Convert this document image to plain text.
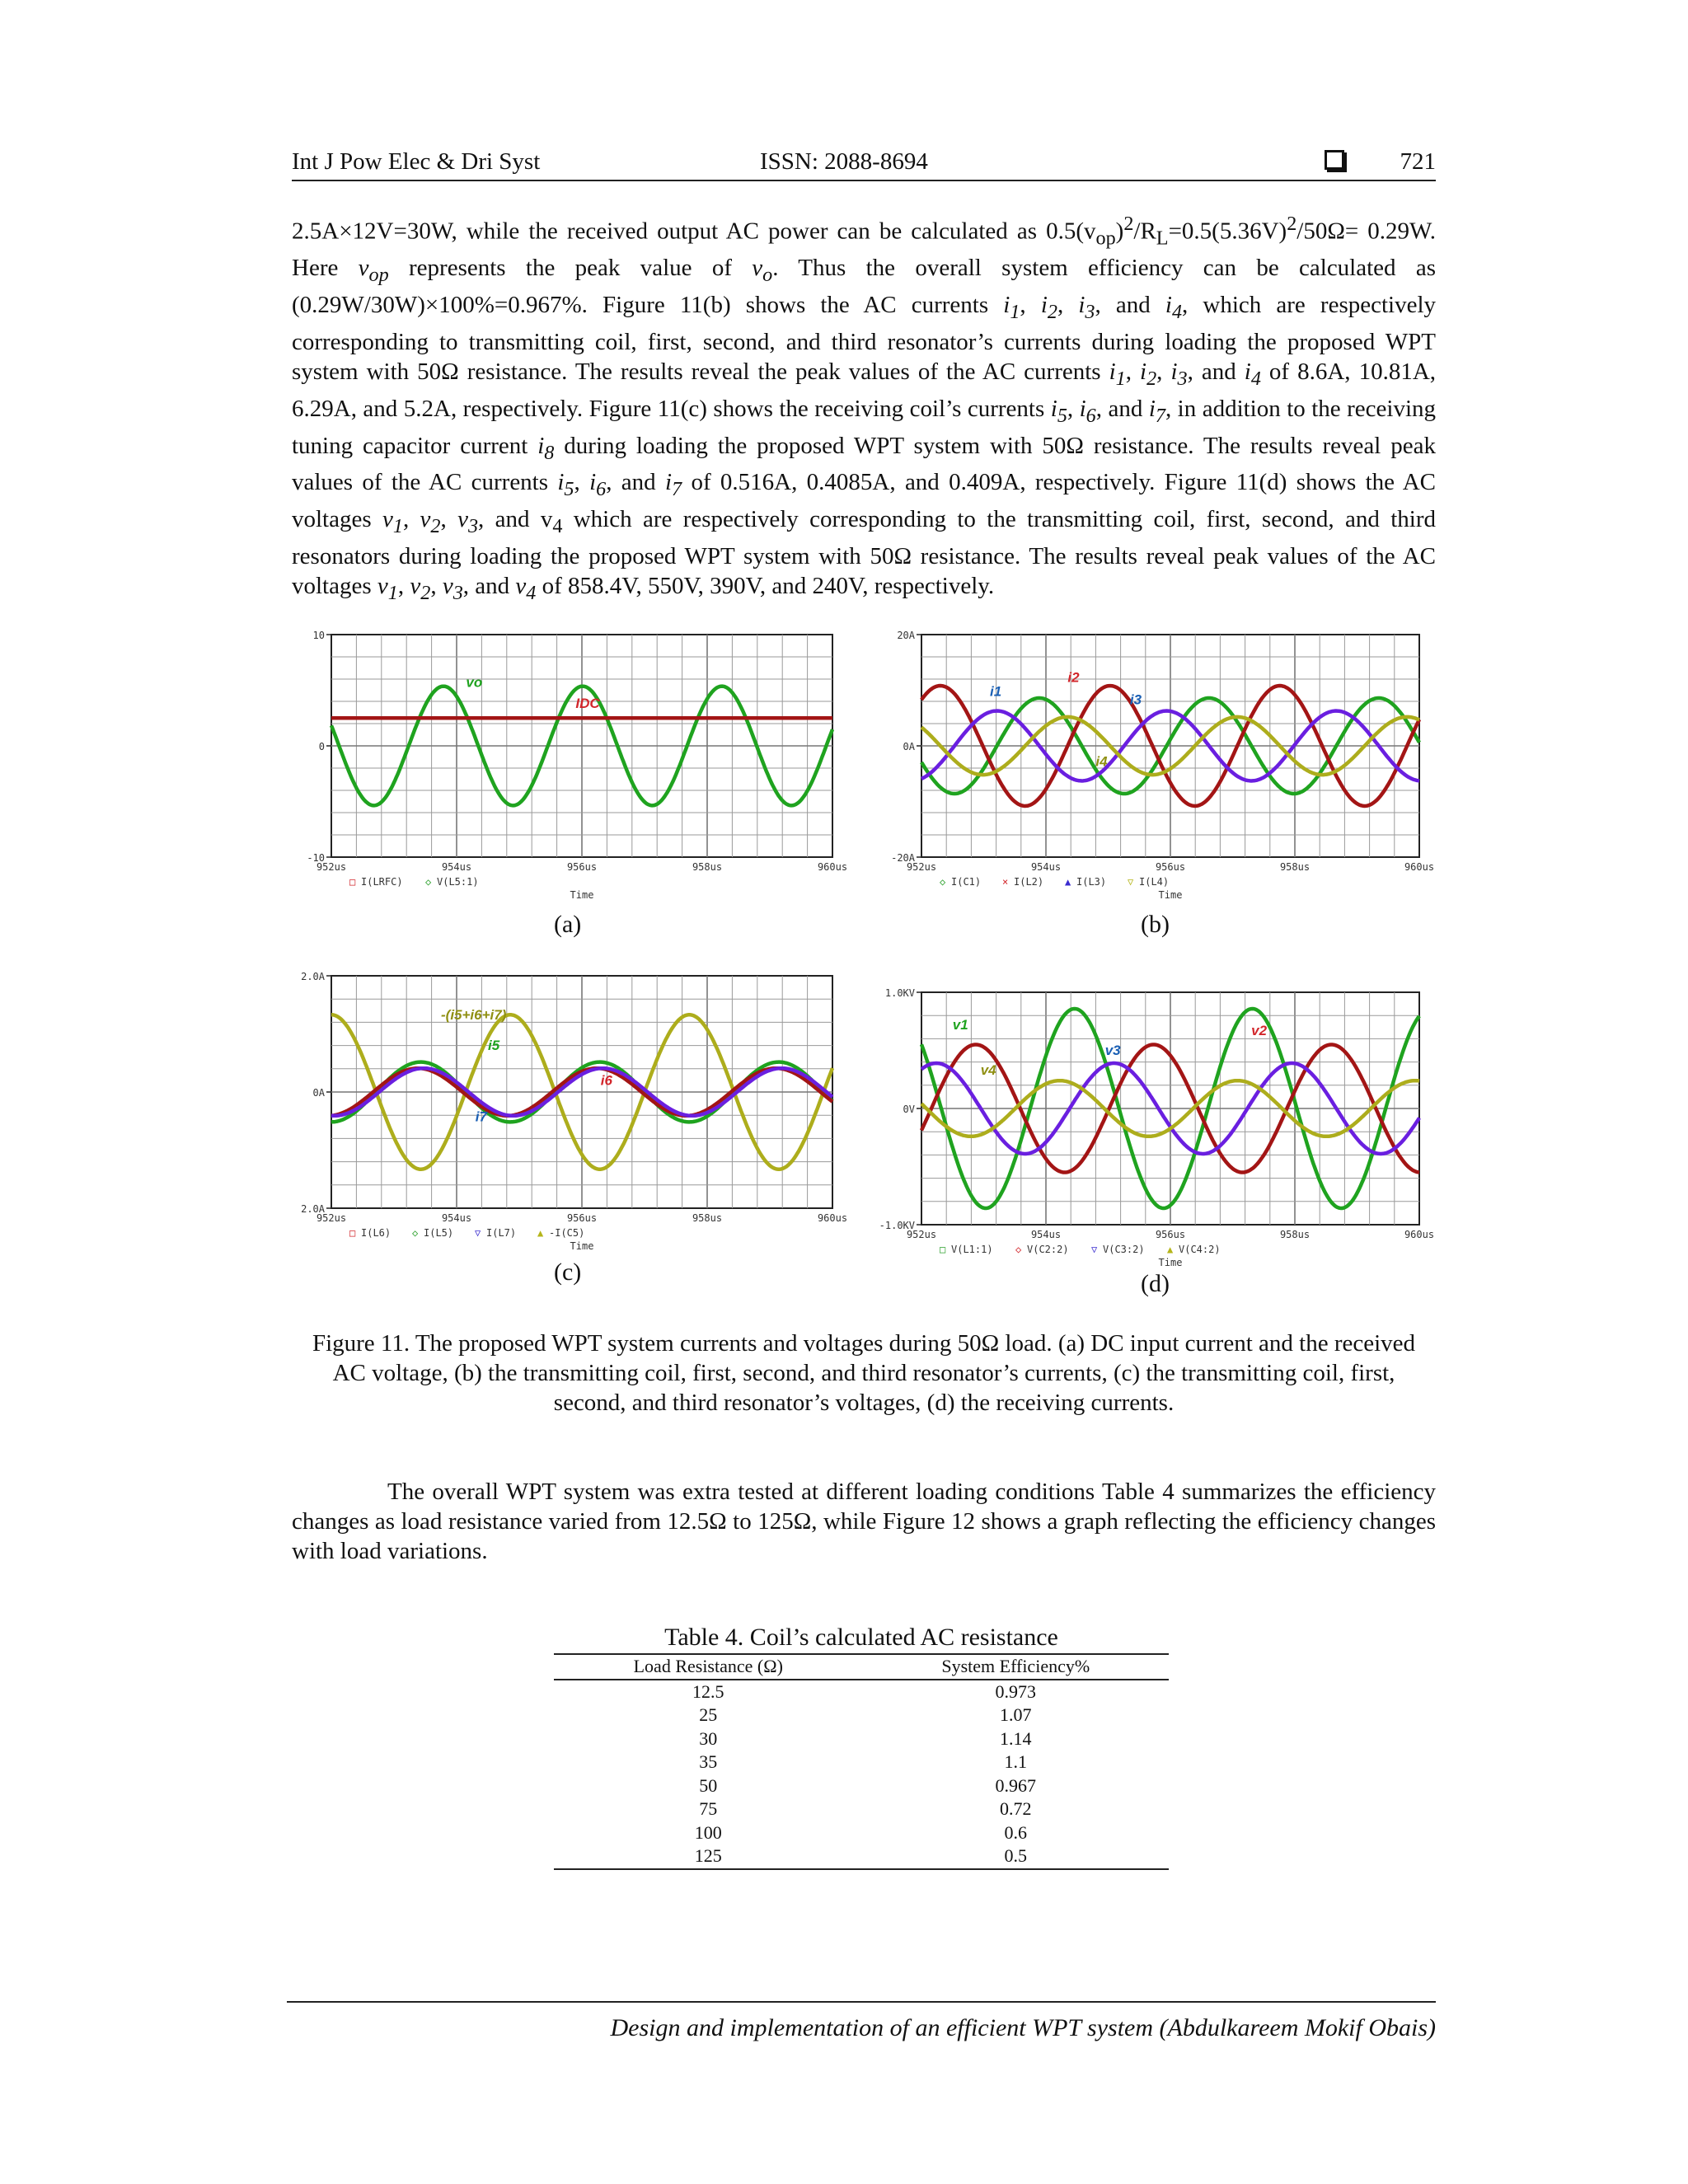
Int J Pow Elec & Dri Syst	ISSN: 2088-8694	721

2.5A×12V=30W, while the received output AC power can be calculated as $0.5(v_{op})^2/R_L=0.5(5.36V)^2/50\Omega= 0.29W$. Here $v_{op}$ represents the peak value of $v_o$. Thus the overall system efficiency can be calculated as (0.29W/30W)×100%=0.967%. Figure 11(b) shows the AC currents $i_1$, $i_2$, $i_3$, and $i_4$, which are respectively corresponding to transmitting coil, first, second, and third resonator’s currents during loading the proposed WPT system with 50Ω resistance. The results reveal the peak values of the AC currents $i_1$, $i_2$, $i_3$, and $i_4$ of 8.6A, 10.81A, 6.29A, and 5.2A, respectively. Figure 11(c) shows the receiving coil’s currents $i_5$, $i_6$, and $i_7$, in addition to the receiving tuning capacitor current $i_8$ during loading the proposed WPT system with 50Ω resistance. The results reveal peak values of the AC currents $i_5$, $i_6$, and $i_7$ of 0.516A, 0.4085A, and 0.409A, respectively. Figure 11(d) shows the AC voltages $v_1$, $v_2$, $v_3$, and $v_4$ which are respectively corresponding to the transmitting coil, first, second, and third resonators during loading the proposed WPT system with 50Ω resistance. The results reveal peak values of the AC voltages $v_1$, $v_2$, $v_3$, and $v_4$ of 858.4V, 550V, 390V, and 240V, respectively.

10
0
-10
952us	954us	956us	958us	960us
vo
IDC
□ I(LRFC) ◇ V(L5:1)
Time
20A
0A
-20A
952us	954us	956us	958us	960us
i1
i2
i3
i4
◇ I(C1) × I(L2) ▲ I(L3) ▽ I(L4)
Time
2.0A
0A
2.0A
952us	954us	956us	958us	960us
-(i5+i6+i7)
i5
i6
i7
□ I(L6) ◇ I(L5) ▽ I(L7) ▲ -I(C5)
Time
1.0KV
0V
-1.0KV
952us	954us	956us	958us	960us
v1	v2
v3
v4
□ V(L1:1) ◇ V(C2:2) ▽ V(C3:2) ▲ V(C4:2)
Time
(a)	(b)
(c)	(d)

Figure 11. The proposed WPT system currents and voltages during 50Ω load. (a) DC input current and the received AC voltage, (b) the transmitting coil, first, second, and third resonator’s currents, (c) the transmitting coil, first, second, and third resonator’s voltages, (d) the receiving currents.

The overall WPT system was extra tested at different loading conditions Table 4 summarizes the efficiency changes as load resistance varied from 12.5Ω to 125Ω, while Figure 12 shows a graph reflecting the efficiency changes with load variations.

Table 4. Coil’s calculated AC resistance
Load Resistance (Ω)	System Efficiency%
12.5	0.973
25	1.07
30	1.14
35	1.1
50	0.967
75	0.72
100	0.6
125	0.5
Design and implementation of an efficient WPT system (Abdulkareem Mokif Obais)
